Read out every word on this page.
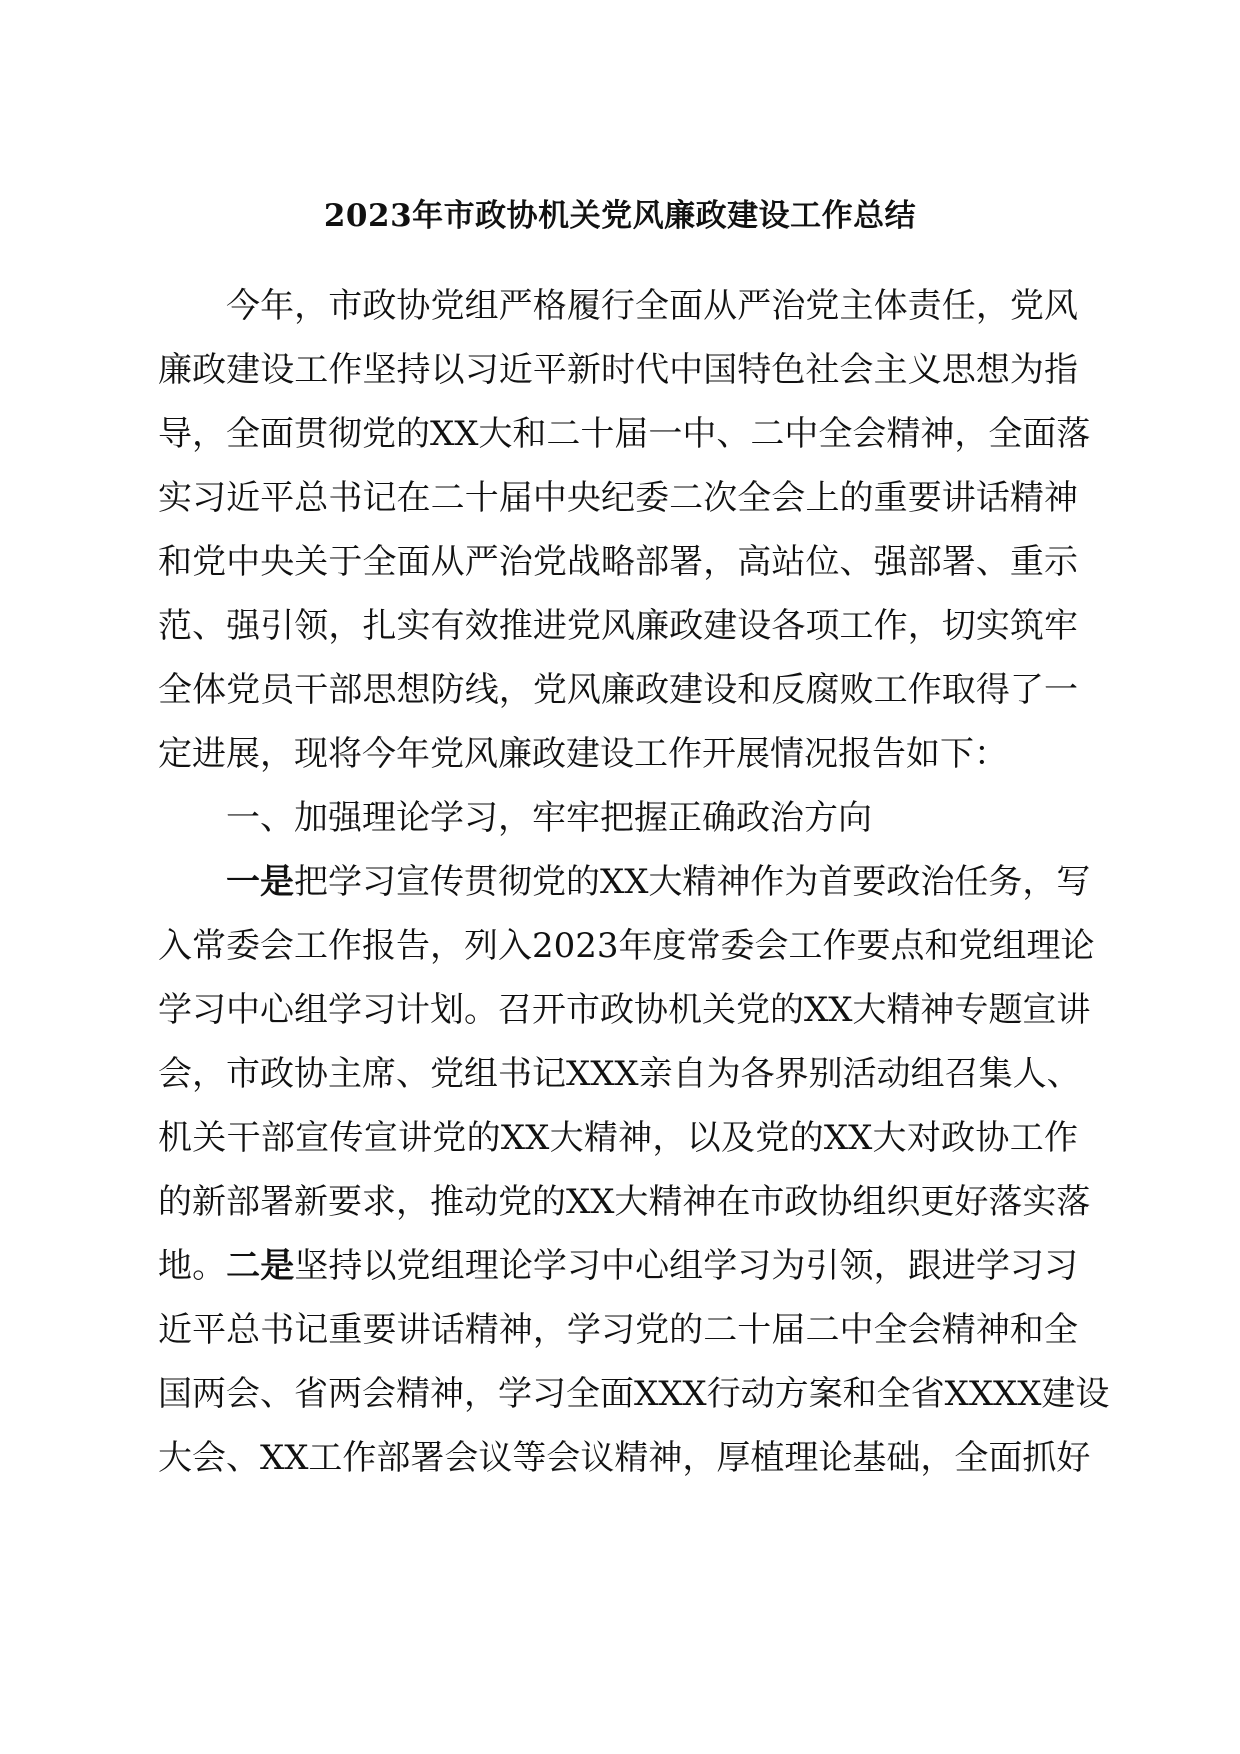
2023年市政协机关党风廉政建设工作总结

今年，市政协党组严格履行全面从严治党主体责任，党风

廉政建设工作坚持以习近平新时代中国特色社会主义思想为指

导，全面贯彻党的XX大和二十届一中、二中全会精神，全面落

实习近平总书记在二十届中央纪委二次全会上的重要讲话精神

和党中央关于全面从严治党战略部署，高站位、强部署、重示

范、强引领，扎实有效推进党风廉政建设各项工作，切实筑牢

全体党员干部思想防线，党风廉政建设和反腐败工作取得了一

定进展，现将今年党风廉政建设工作开展情况报告如下：

一、加强理论学习，牢牢把握正确政治方向

一是把学习宣传贯彻党的XX大精神作为首要政治任务，写

入常委会工作报告，列入2023年度常委会工作要点和党组理论

学习中心组学习计划。召开市政协机关党的XX大精神专题宣讲

会，市政协主席、党组书记XXX亲自为各界别活动组召集人、

机关干部宣传宣讲党的XX大精神，以及党的XX大对政协工作

的新部署新要求，推动党的XX大精神在市政协组织更好落实落

地。二是坚持以党组理论学习中心组学习为引领，跟进学习习

近平总书记重要讲话精神，学习党的二十届二中全会精神和全

国两会、省两会精神，学习全面XXX行动方案和全省XXXX建设

大会、XX工作部署会议等会议精神，厚植理论基础，全面抓好
